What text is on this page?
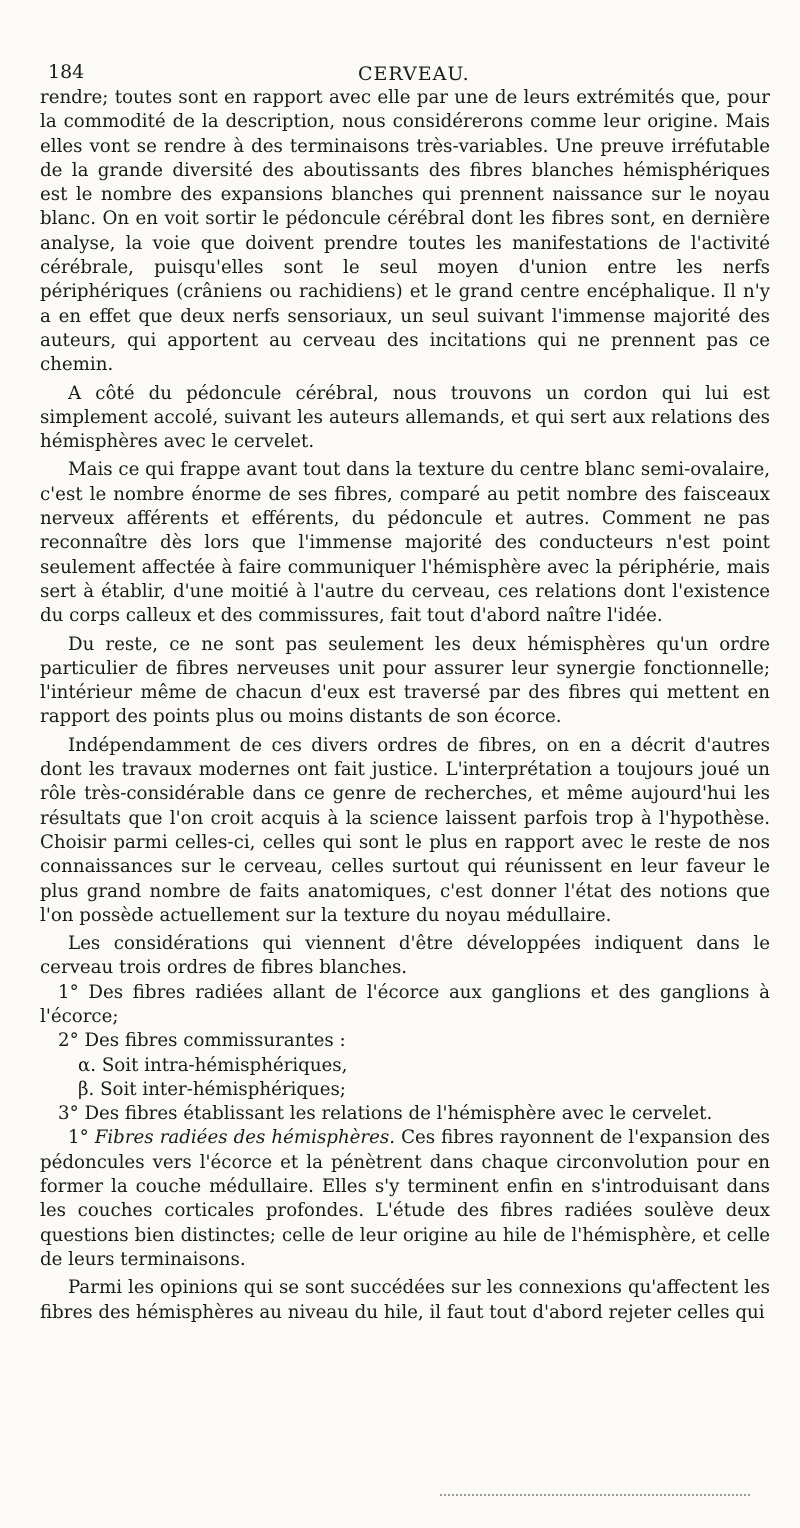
184	CERVEAU.

rendre; toutes sont en rapport avec elle par une de leurs extrémités que, pour la commodité de la description, nous considérerons comme leur origine. Mais elles vont se rendre à des terminaisons très-variables. Une preuve irréfutable de la grande diversité des aboutissants des fibres blanches hémisphériques est le nombre des expansions blanches qui prennent naissance sur le noyau blanc. On en voit sortir le pédoncule cérébral dont les fibres sont, en dernière analyse, la voie que doivent prendre toutes les manifestations de l'activité cérébrale, puisqu'elles sont le seul moyen d'union entre les nerfs périphériques (crâniens ou rachidiens) et le grand centre encéphalique. Il n'y a en effet que deux nerfs sensoriaux, un seul suivant l'immense majorité des auteurs, qui apportent au cerveau des incitations qui ne prennent pas ce chemin.

A côté du pédoncule cérébral, nous trouvons un cordon qui lui est simplement accolé, suivant les auteurs allemands, et qui sert aux relations des hémisphères avec le cervelet.

Mais ce qui frappe avant tout dans la texture du centre blanc semi-ovalaire, c'est le nombre énorme de ses fibres, comparé au petit nombre des faisceaux nerveux afférents et efférents, du pédoncule et autres. Comment ne pas reconnaître dès lors que l'immense majorité des conducteurs n'est point seulement affectée à faire communiquer l'hémisphère avec la périphérie, mais sert à établir, d'une moitié à l'autre du cerveau, ces relations dont l'existence du corps calleux et des commissures, fait tout d'abord naître l'idée.

Du reste, ce ne sont pas seulement les deux hémisphères qu'un ordre particulier de fibres nerveuses unit pour assurer leur synergie fonctionnelle; l'intérieur même de chacun d'eux est traversé par des fibres qui mettent en rapport des points plus ou moins distants de son écorce.

Indépendamment de ces divers ordres de fibres, on en a décrit d'autres dont les travaux modernes ont fait justice. L'interprétation a toujours joué un rôle très-considérable dans ce genre de recherches, et même aujourd'hui les résultats que l'on croit acquis à la science laissent parfois trop à l'hypothèse. Choisir parmi celles-ci, celles qui sont le plus en rapport avec le reste de nos connaissances sur le cerveau, celles surtout qui réunissent en leur faveur le plus grand nombre de faits anatomiques, c'est donner l'état des notions que l'on possède actuellement sur la texture du noyau médullaire.

Les considérations qui viennent d'être développées indiquent dans le cerveau trois ordres de fibres blanches.

1° Des fibres radiées allant de l'écorce aux ganglions et des ganglions à l'écorce;

2° Des fibres commissurantes :

α. Soit intra-hémisphériques,

β. Soit inter-hémisphériques;

3° Des fibres établissant les relations de l'hémisphère avec le cervelet.

1° Fibres radiées des hémisphères. Ces fibres rayonnent de l'expansion des pédoncules vers l'écorce et la pénètrent dans chaque circonvolution pour en former la couche médullaire. Elles s'y terminent enfin en s'introduisant dans les couches corticales profondes. L'étude des fibres radiées soulève deux questions bien distinctes; celle de leur origine au hile de l'hémisphère, et celle de leurs terminaisons.

Parmi les opinions qui se sont succédées sur les connexions qu'affectent les fibres des hémisphères au niveau du hile, il faut tout d'abord rejeter celles qui
